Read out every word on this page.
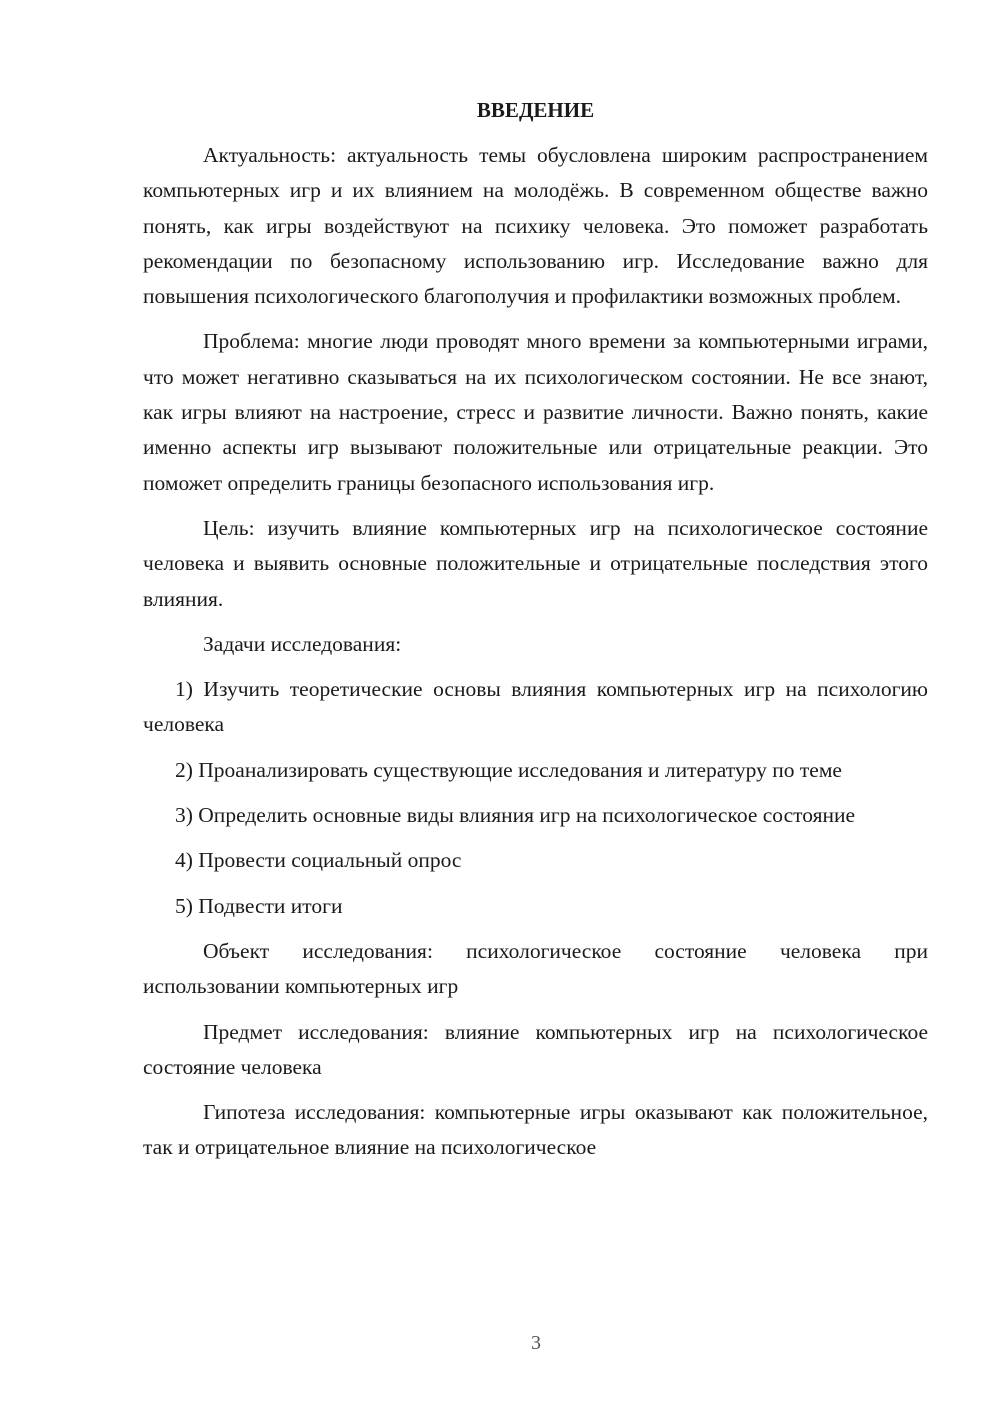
ВВЕДЕНИЕ

Актуальность: актуальность темы обусловлена широким распространением компьютерных игр и их влиянием на молодёжь. В современном обществе важно понять, как игры воздействуют на психику человека. Это поможет разработать рекомендации по безопасному использованию игр. Исследование важно для повышения психологического благополучия и профилактики возможных проблем.

Проблема: многие люди проводят много времени за компьютерными играми, что может негативно сказываться на их психологическом состоянии. Не все знают, как игры влияют на настроение, стресс и развитие личности. Важно понять, какие именно аспекты игр вызывают положительные или отрицательные реакции. Это поможет определить границы безопасного использования игр.

Цель: изучить влияние компьютерных игр на психологическое состояние человека и выявить основные положительные и отрицательные последствия этого влияния.

Задачи исследования:

1) Изучить теоретические основы влияния компьютерных игр на психологию человека

2) Проанализировать существующие исследования и литературу по теме

3) Определить основные виды влияния игр на психологическое состояние

4) Провести социальный опрос

5) Подвести итоги

Объект исследования: психологическое состояние человека при использовании компьютерных игр

Предмет исследования: влияние компьютерных игр на психологическое состояние человека

Гипотеза исследования: компьютерные игры оказывают как положительное, так и отрицательное влияние на психологическое

3
